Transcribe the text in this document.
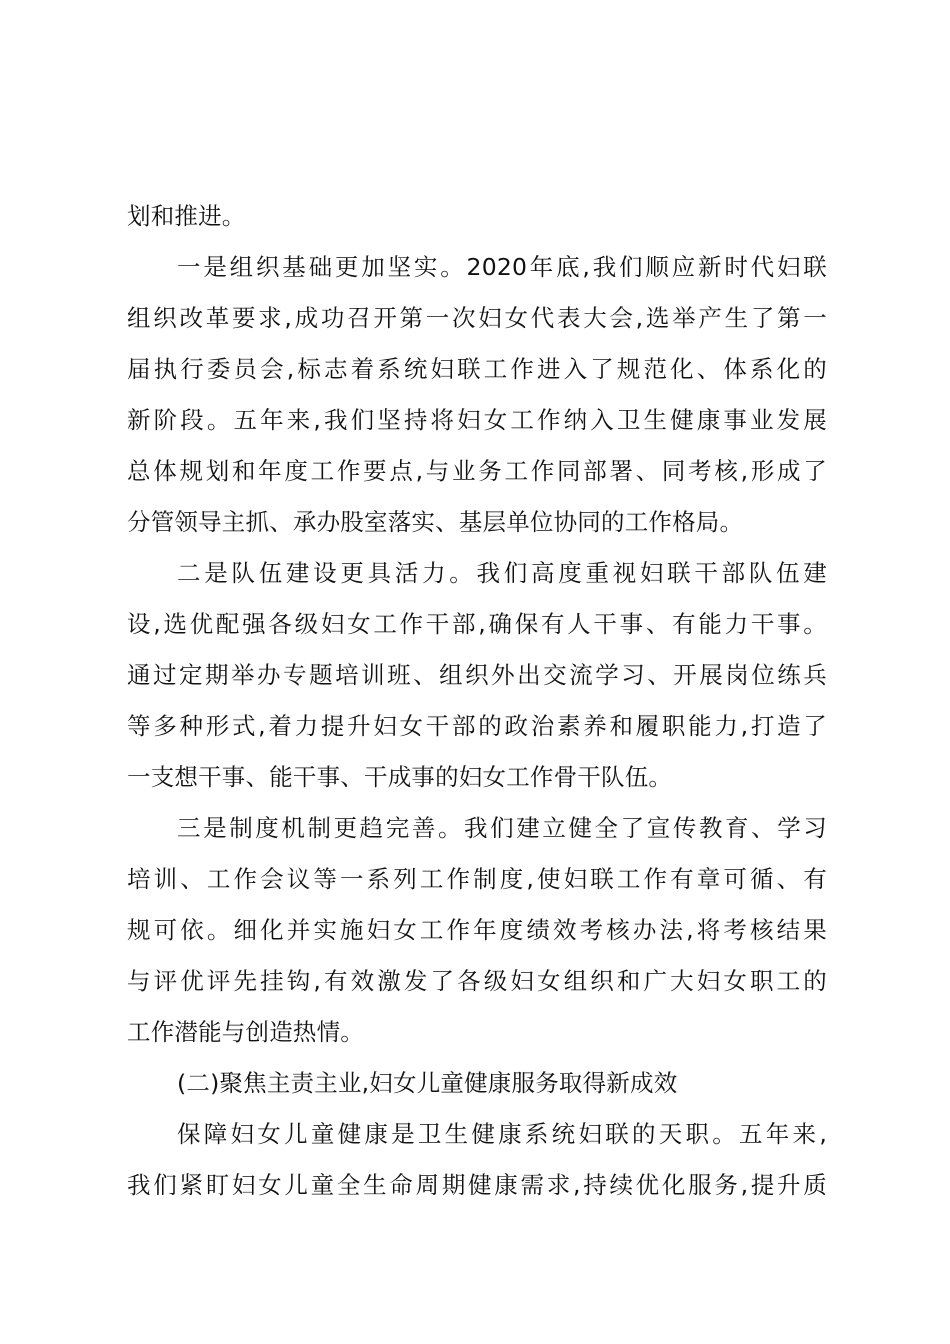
划和推进。
一是组织基础更加坚实。2020年底,我们顺应新时代妇联
组织改革要求,成功召开第一次妇女代表大会,选举产生了第一
届执行委员会,标志着系统妇联工作进入了规范化、体系化的
新阶段。五年来,我们坚持将妇女工作纳入卫生健康事业发展
总体规划和年度工作要点,与业务工作同部署、同考核,形成了
分管领导主抓、承办股室落实、基层单位协同的工作格局。
二是队伍建设更具活力。我们高度重视妇联干部队伍建
设,选优配强各级妇女工作干部,确保有人干事、有能力干事。
通过定期举办专题培训班、组织外出交流学习、开展岗位练兵
等多种形式,着力提升妇女干部的政治素养和履职能力,打造了
一支想干事、能干事、干成事的妇女工作骨干队伍。
三是制度机制更趋完善。我们建立健全了宣传教育、学习
培训、工作会议等一系列工作制度,使妇联工作有章可循、有
规可依。细化并实施妇女工作年度绩效考核办法,将考核结果
与评优评先挂钩,有效激发了各级妇女组织和广大妇女职工的
工作潜能与创造热情。
(二)聚焦主责主业,妇女儿童健康服务取得新成效
保障妇女儿童健康是卫生健康系统妇联的天职。五年来,
我们紧盯妇女儿童全生命周期健康需求,持续优化服务,提升质
